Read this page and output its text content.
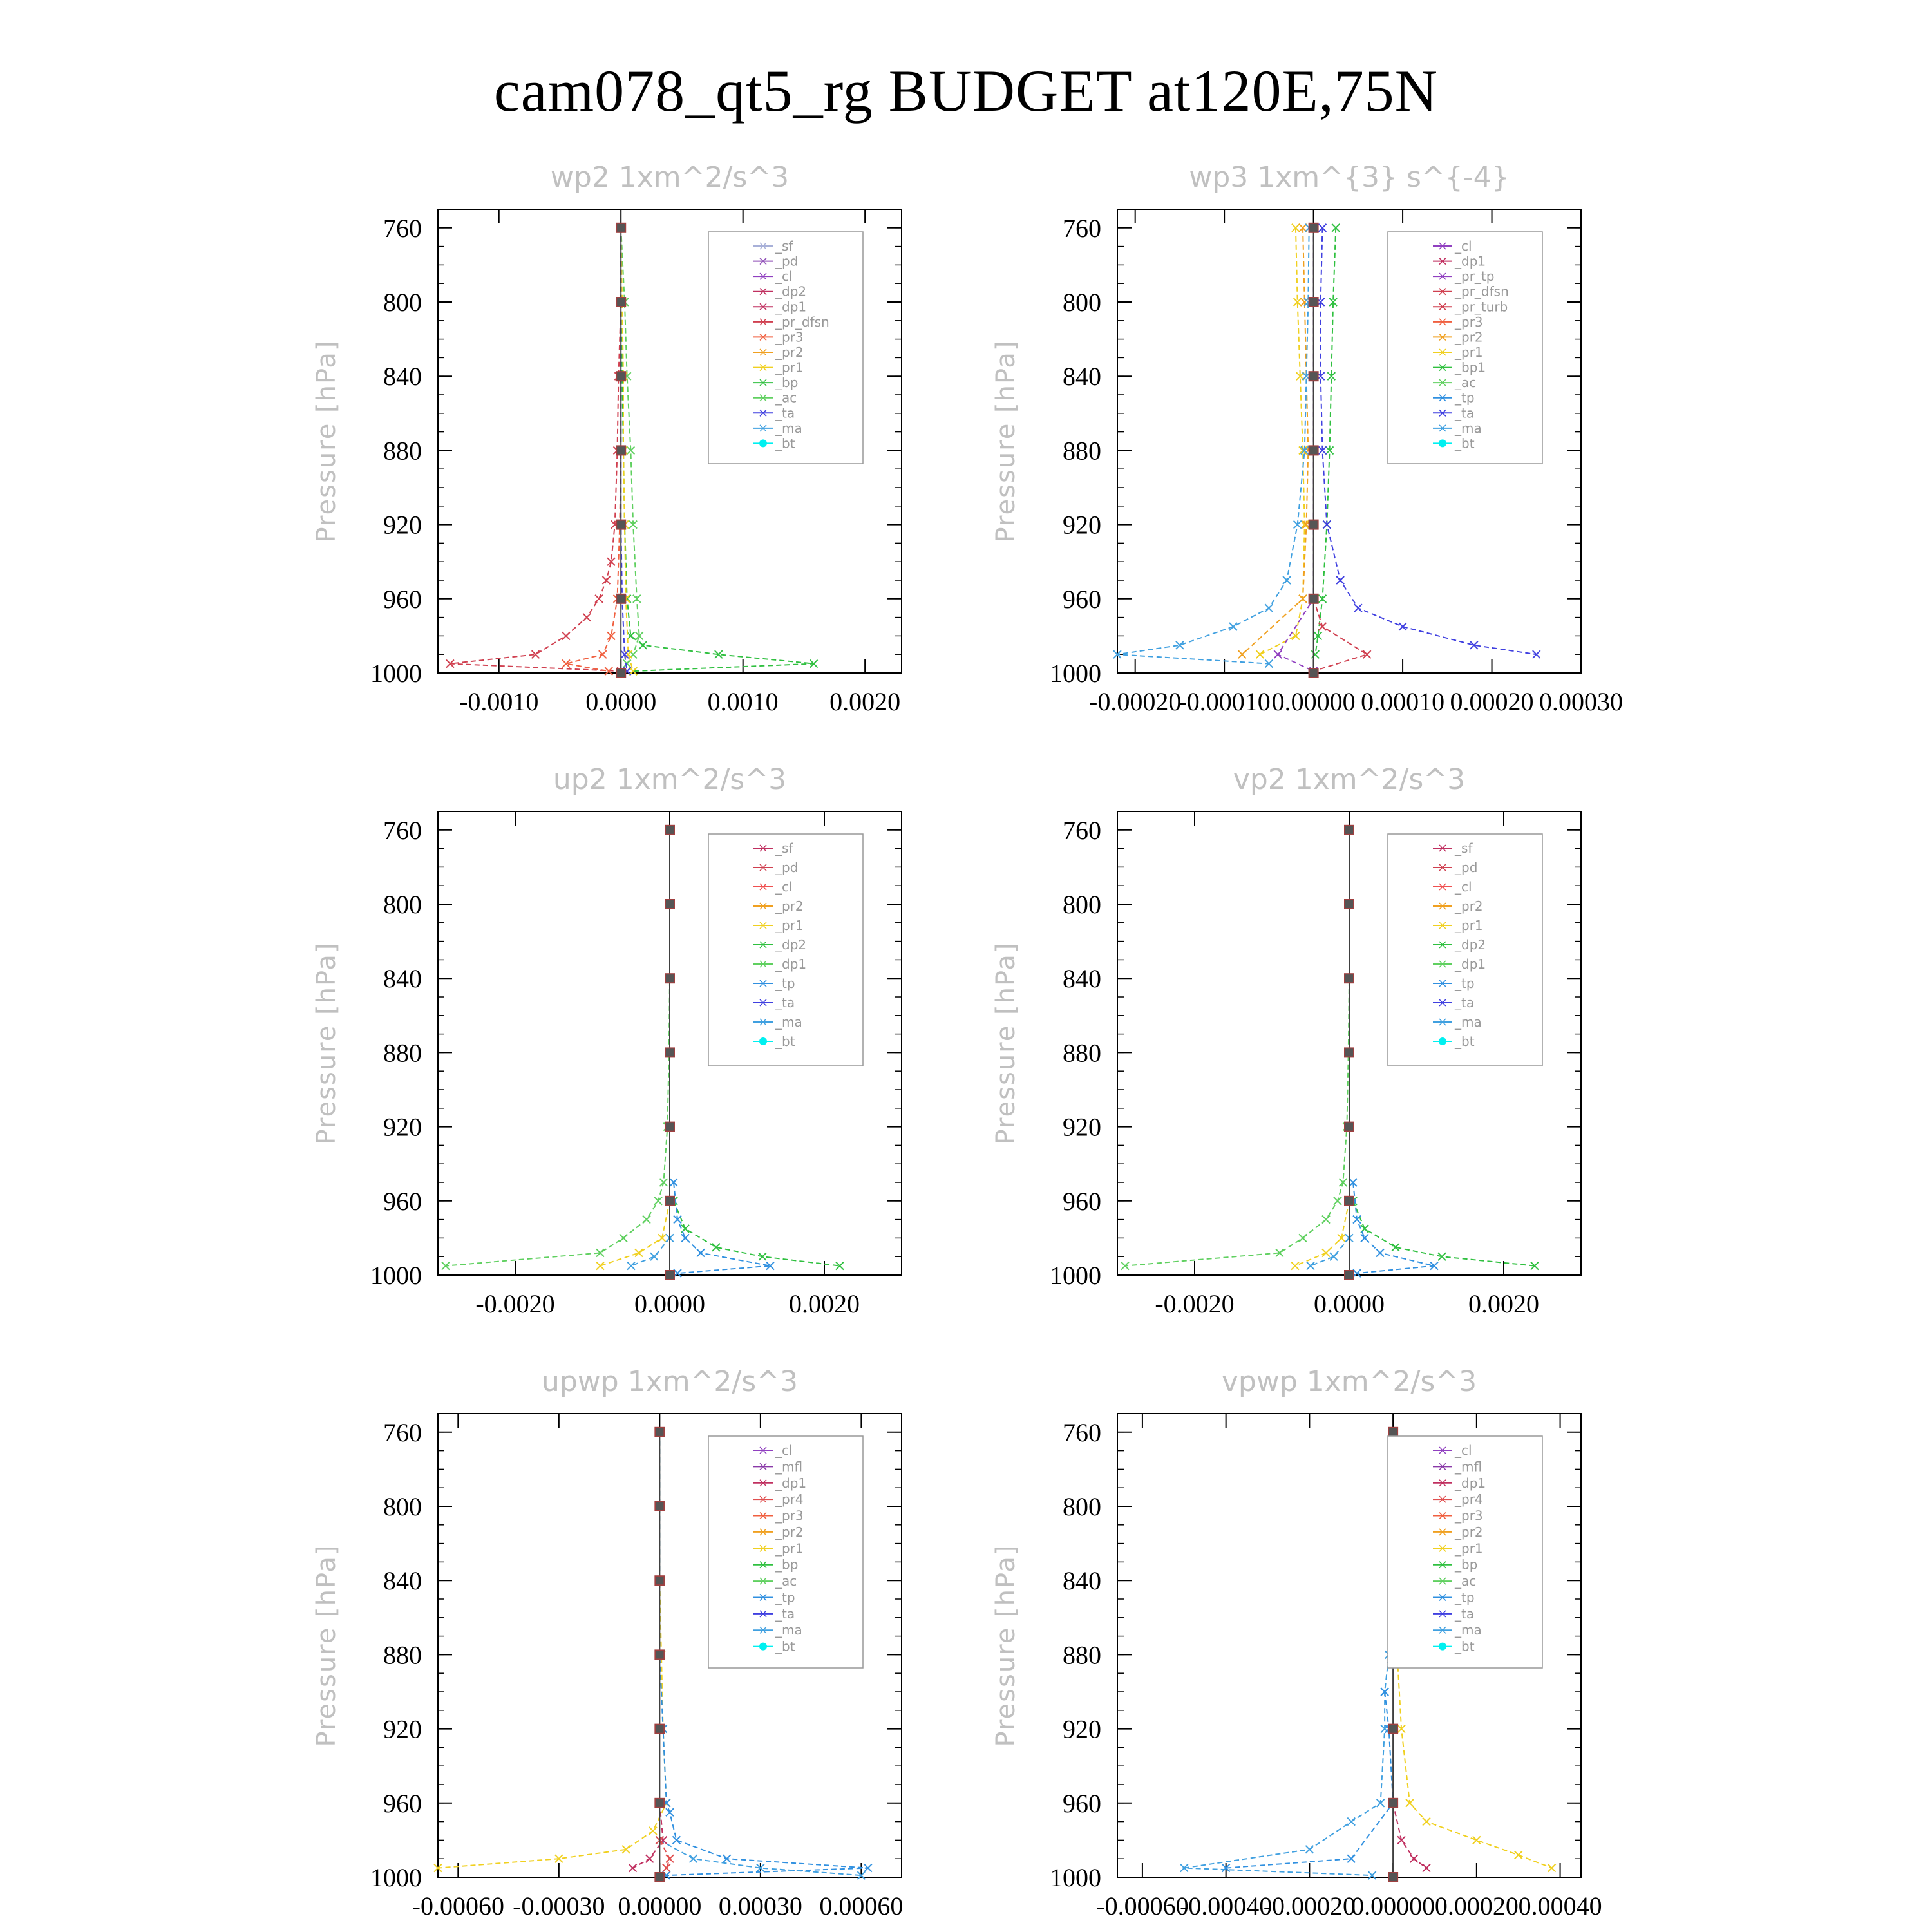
cam078_qt5_rg BUDGET at120E,75N
wp2 1xm^2/s^3
Pressure [hPa]
760
800
840
880
920
960
1000
-0.0010 0.0000 0.0010 0.0020
_sf
_pd
_cl
_dp2
_dp1
_pr_dfsn
_pr3
_pr2
_pr1
_bp
_ac
_ta
_ma
_bt
wp3 1xm^{3} s^{-4}
Pressure [hPa]
760
800
840
880
920
960
1000
-0.00020
-0.00010 0.00000 0.00010 0.00020 0.00030
_cl
_dp1
_pr_tp
_pr_dfsn
_pr_turb
_pr3
_pr2
_pr1
_bp1
_ac
_tp
_ta
_ma
_bt
up2 1xm^2/s^3
Pressure [hPa]
760
800
840
880
920
960
1000
-0.0020	0.0000	0.0020
_sf
_pd
_cl
_pr2
_pr1
_dp2
_dp1
_tp
_ta
_ma
_bt
vp2 1xm^2/s^3
Pressure [hPa]
760
800
840
880
920
960
1000
-0.0020	0.0000	0.0020
_sf
_pd
_cl
_pr2
_pr1
_dp2
_dp1
_tp
_ta
_ma
_bt
upwp 1xm^2/s^3
Pressure [hPa]
760
800
840
880
920
960
1000
-0.00060 -0.00030 0.00000 0.00030 0.00060
_cl
_mfl
_dp1
_pr4
_pr3
_pr2
_pr1
_bp
_ac
_tp
_ta
_ma
_bt
vpwp 1xm^2/s^3
Pressure [hPa]
760
800
840
880
920
960
1000
-0.00060
-0.00040
-0.00020
0.00000 0.00020 0.00040
_cl
_mfl
_dp1
_pr4
_pr3
_pr2
_pr1
_bp
_ac
_tp
_ta
_ma
_bt
